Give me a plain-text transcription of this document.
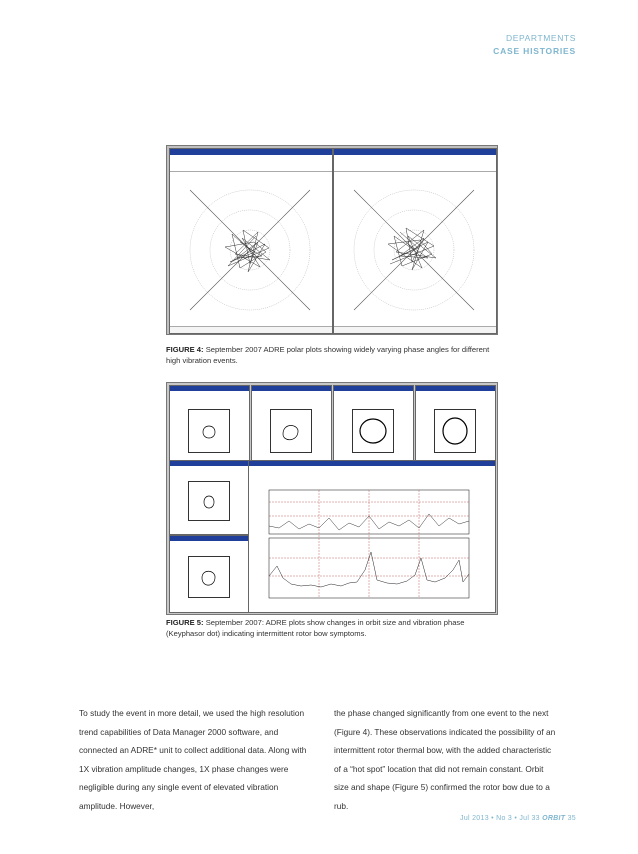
DEPARTMENTS
CASE HISTORIES
FIGURE 4: September 2007 ADRE polar plots showing widely varying phase angles for different high vibration events.
FIGURE 5: September 2007: ADRE plots show changes in orbit size and vibration phase (Keyphasor dot) indicating intermittent rotor bow symptoms.
To study the event in more detail, we used the high resolution trend capabilities of Data Manager 2000 software, and connected an ADRE* unit to collect additional data. Along with 1X vibration amplitude changes, 1X phase changes were negligible during any single event of elevated vibration amplitude. However,
the phase changed significantly from one event to the next (Figure 4). These observations indicated the possibility of an intermittent rotor thermal bow, with the added characteristic of a “hot spot” location that did not remain constant. Orbit size and shape (Figure 5) confirmed the rotor bow due to a rub.
Jul 2013 • No 3 • Jul 33 ORBIT 35
